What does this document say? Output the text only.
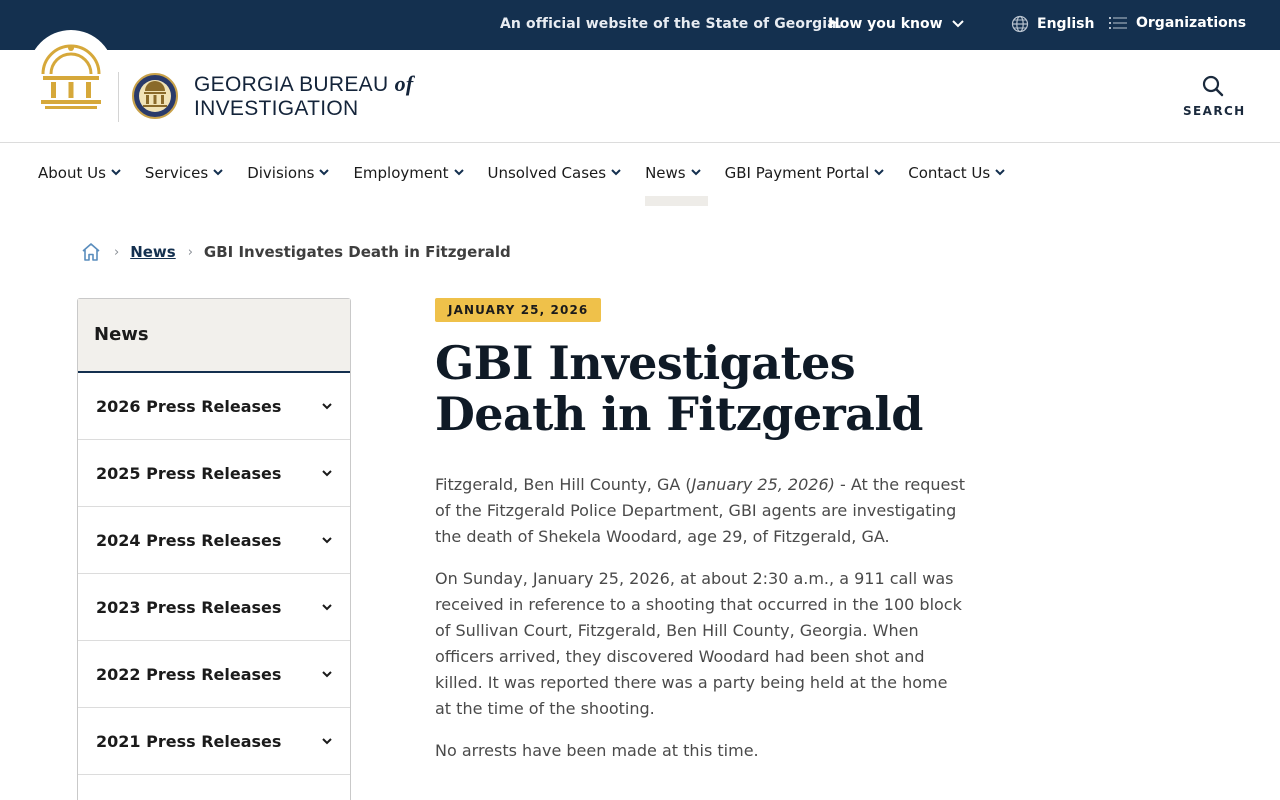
An official website of the State of Georgia.
How you know	English	Organizations
GEORGIA BUREAU of
INVESTIGATION	SEARCH
About Us	Services	Divisions	Employment	Unsolved Cases	News	GBI Payment Portal	Contact Us
› News › GBI Investigates Death in Fitzgerald
News
2026 Press Releases
2025 Press Releases
2024 Press Releases
2023 Press Releases
2022 Press Releases
2021 Press Releases
JANUARY 25, 2026
GBI Investigates Death in Fitzgerald

Fitzgerald, Ben Hill County, GA (January 25, 2026) - At the request of the Fitzgerald Police Department, GBI agents are investigating the death of Shekela Woodard, age 29, of Fitzgerald, GA.

On Sunday, January 25, 2026, at about 2:30 a.m., a 911 call was received in reference to a shooting that occurred in the 100 block of Sullivan Court, Fitzgerald, Ben Hill County, Georgia. When officers arrived, they discovered Woodard had been shot and killed. It was reported there was a party being held at the home at the time of the shooting.

No arrests have been made at this time.
